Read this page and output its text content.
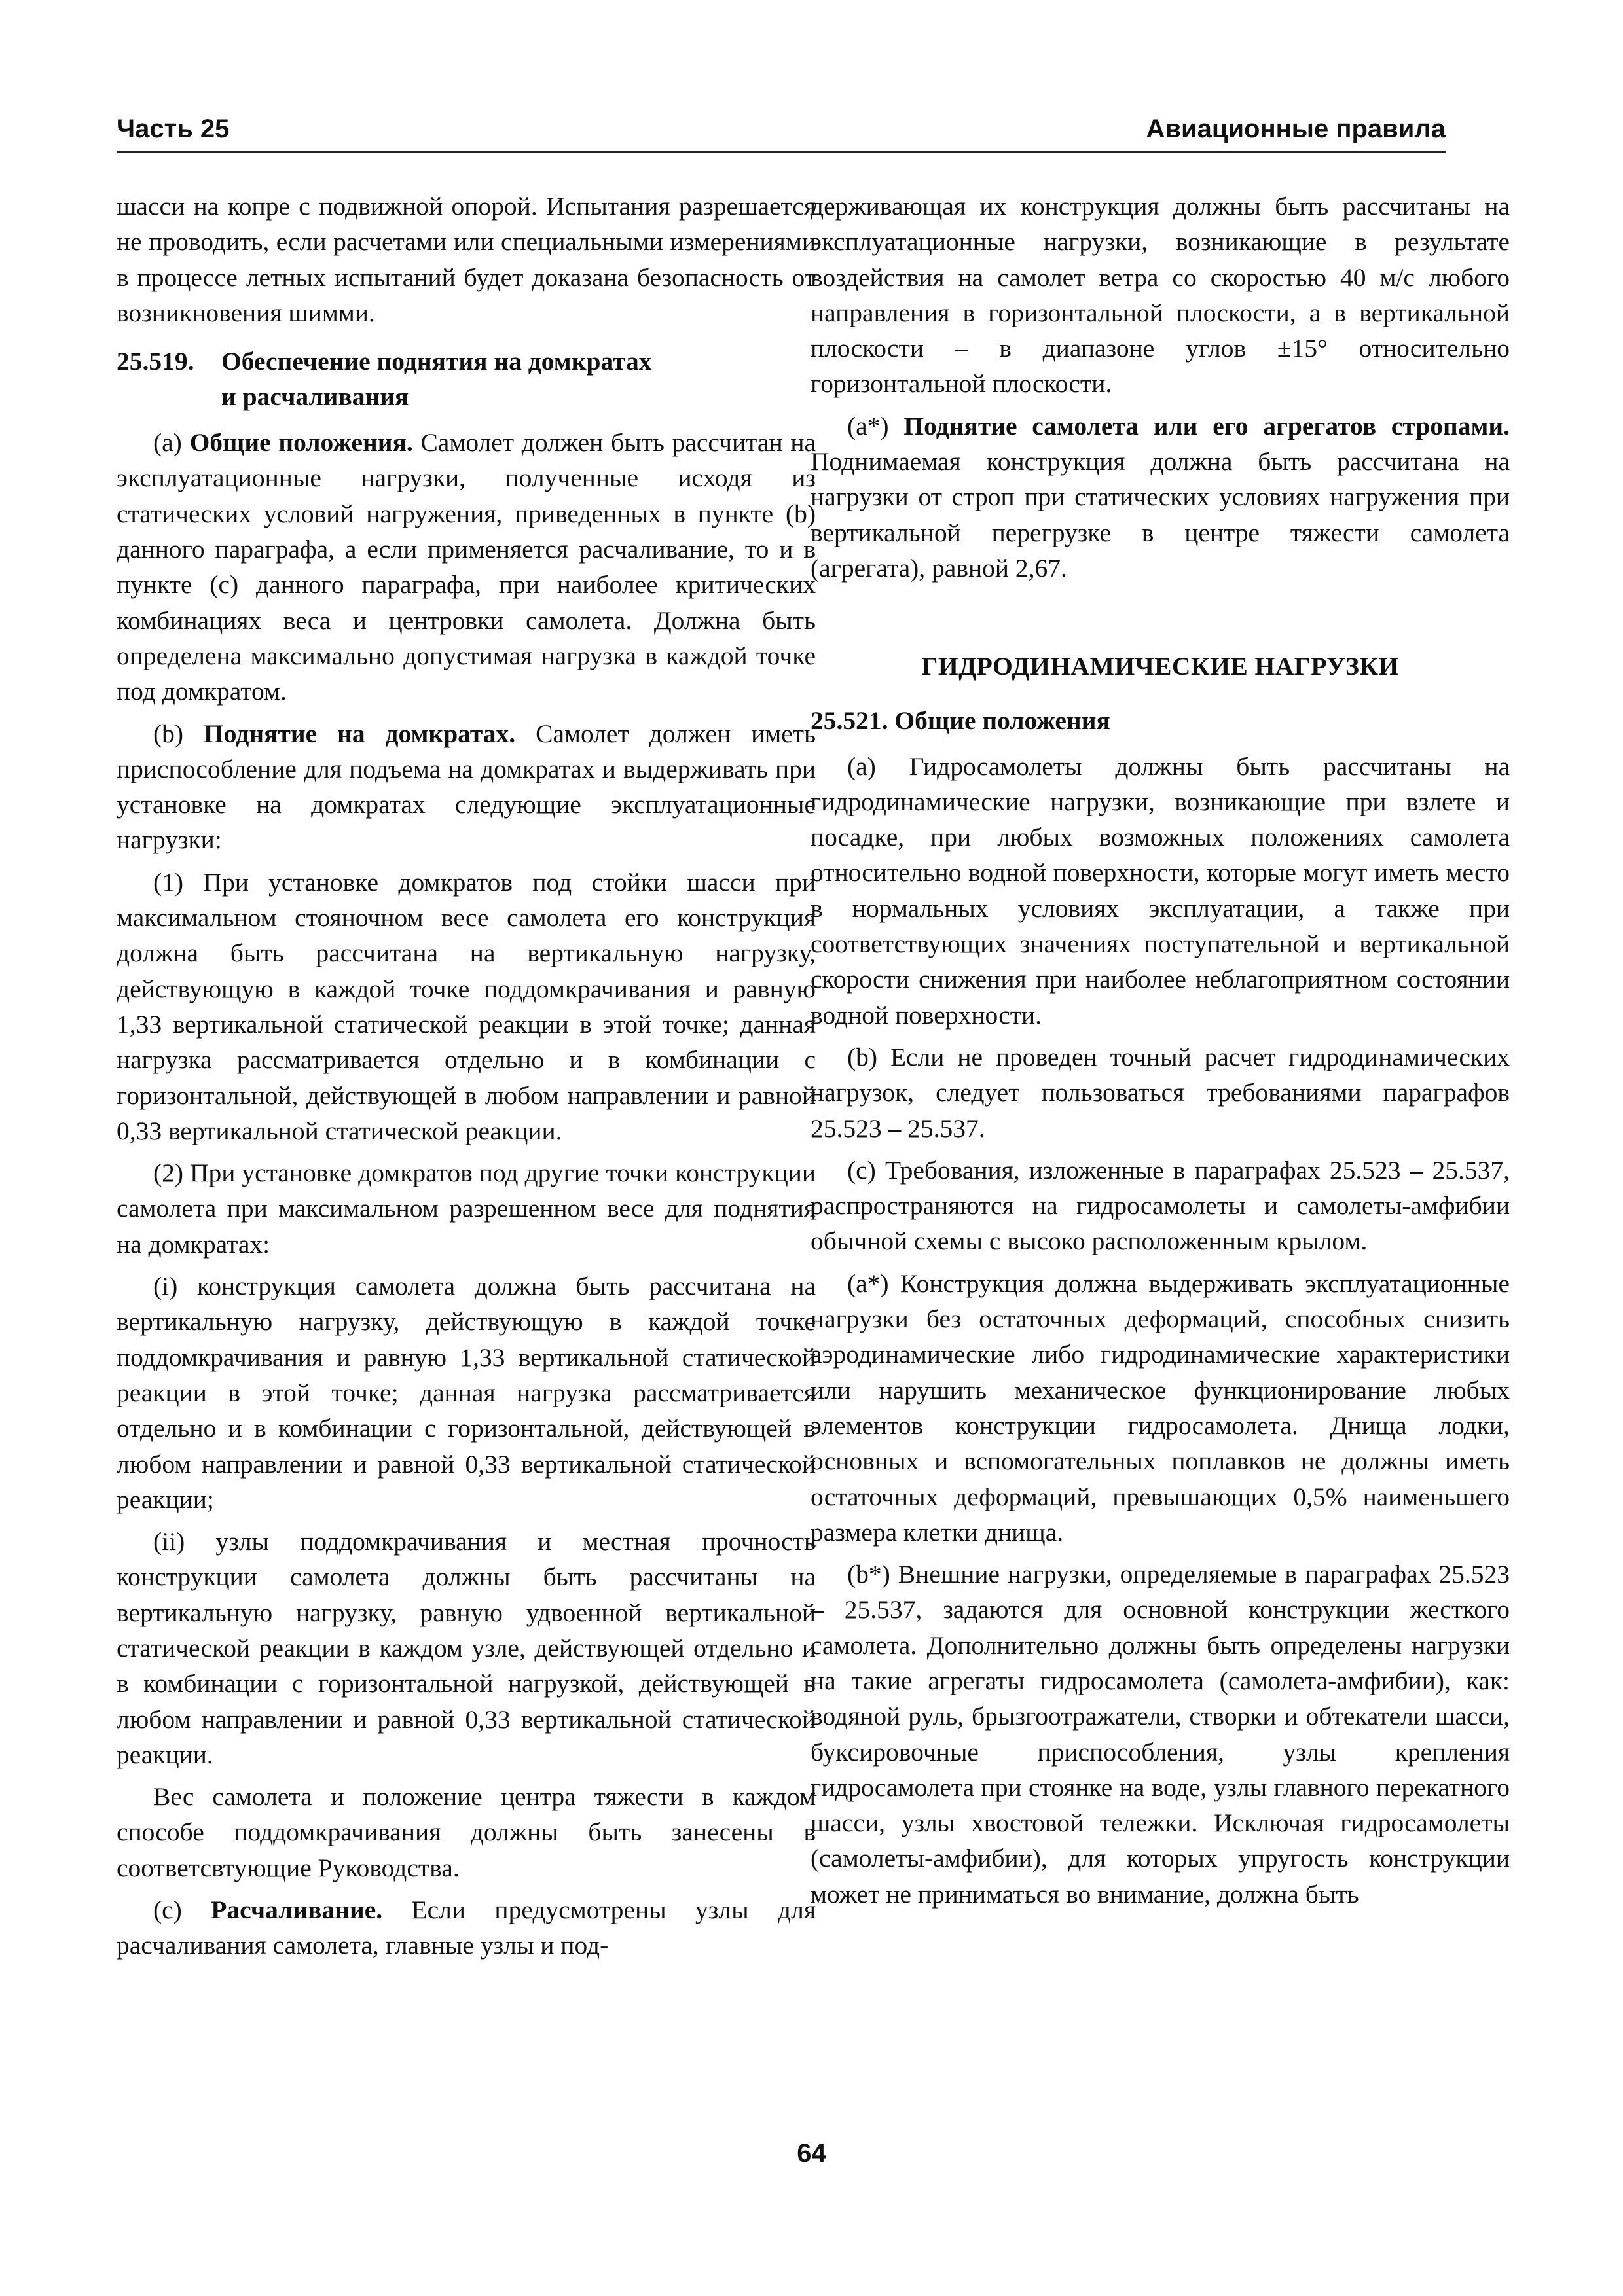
Часть 25	Авиационные правила

шасси на копре с подвижной опорой. Испытания разрешается не проводить, если расчетами или специальными измерениями в процессе летных испытаний будет доказана безопасность от возникновения шимми.

25.519. Обеспечение поднятия на домкратах
и расчаливания

(а) Общие положения. Самолет должен быть рассчитан на эксплуатационные нагрузки, полученные исходя из статических условий нагружения, приведенных в пункте (b) данного параграфа, а если применяется расчаливание, то и в пункте (с) данного параграфа, при наиболее критических комбинациях веса и центровки самолета. Должна быть определена максимально допустимая нагрузка в каждой точке под домкратом.

(b) Поднятие на домкратах. Самолет должен иметь приспособление для подъема на домкратах и выдерживать при установке на домкратах следующие эксплуатационные нагрузки:

(1) При установке домкратов под стойки шасси при максимальном стояночном весе самолета его конструкция должна быть рассчитана на вертикальную нагрузку, действующую в каждой точке поддомкрачивания и равную 1,33 вертикальной статической реакции в этой точке; данная нагрузка рассматривается отдельно и в комбинации с горизонтальной, действующей в любом направлении и равной 0,33 вертикальной статической реакции.

(2) При установке домкратов под другие точки конструкции самолета при максимальном разрешенном весе для поднятия на домкратах:

(i) конструкция самолета должна быть рассчитана на вертикальную нагрузку, действующую в каждой точке поддомкрачивания и равную 1,33 вертикальной статической реакции в этой точке; данная нагрузка рассматривается отдельно и в комбинации с горизонтальной, действующей в любом направлении и равной 0,33 вертикальной статической реакции;

(ii) узлы поддомкрачивания и местная прочность конструкции самолета должны быть рассчитаны на вертикальную нагрузку, равную удвоенной вертикальной статической реакции в каждом узле, действующей отдельно и в комбинации с горизонтальной нагрузкой, действующей в любом направлении и равной 0,33 вертикальной статической реакции.

Вес самолета и положение центра тяжести в каждом способе поддомкрачивания должны быть занесены в соответсвтующие Руководства.

(с) Расчаливание. Если предусмотрены узлы для расчаливания самолета, главные узлы и под-

держивающая их конструкция должны быть рассчитаны на эксплуатационные нагрузки, возникающие в результате воздействия на самолет ветра со скоростью 40 м/с любого направления в горизонтальной плоскости, а в вертикальной плоскости – в диапазоне углов ±15° относительно горизонтальной плоскости.

(а*) Поднятие самолета или его агрегатов стропами. Поднимаемая конструкция должна быть рассчитана на нагрузки от строп при статических условиях нагружения при вертикальной перегрузке в центре тяжести самолета (агрегата), равной 2,67.

ГИДРОДИНАМИЧЕСКИЕ НАГРУЗКИ
25.521. Общие положения

(а) Гидросамолеты должны быть рассчитаны на гидродинамические нагрузки, возникающие при взлете и посадке, при любых возможных положениях самолета относительно водной поверхности, которые могут иметь место в нормальных условиях эксплуатации, а также при соответствующих значениях поступательной и вертикальной скорости снижения при наиболее неблагоприятном состоянии водной поверхности.

(b) Если не проведен точный расчет гидродинамических нагрузок, следует пользоваться требованиями параграфов 25.523 – 25.537.

(с) Требования, изложенные в параграфах 25.523 – 25.537, распространяются на гидросамолеты и самолеты-амфибии обычной схемы с высоко расположенным крылом.

(а*) Конструкция должна выдерживать эксплуатационные нагрузки без остаточных деформаций, способных снизить аэродинамические либо гидродинамические характеристики или нарушить механическое функционирование любых элементов конструкции гидросамолета. Днища лодки, основных и вспомогательных поплавков не должны иметь остаточных деформаций, превышающих 0,5% наименьшего размера клетки днища.

(b*) Внешние нагрузки, определяемые в параграфах 25.523 – 25.537, задаются для основной конструкции жесткого самолета. Дополнительно должны быть определены нагрузки на такие агрегаты гидросамолета (самолета-амфибии), как: водяной руль, брызгоотражатели, створки и обтекатели шасси, буксировочные приспособления, узлы крепления гидросамолета при стоянке на воде, узлы главного перекатного шасси, узлы хвостовой тележки. Исключая гидросамолеты (самолеты-амфибии), для которых упругость конструкции может не приниматься во внимание, должна быть

64
